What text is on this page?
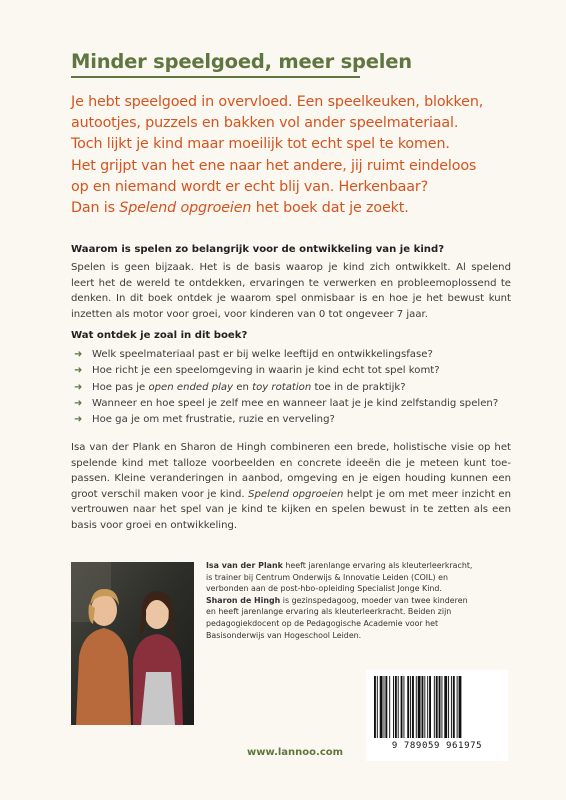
Minder speelgoed, meer spelen
Je hebt speelgoed in overvloed. Een speelkeuken, blokken,
autootjes, puzzels en bakken vol ander speelmateriaal.
Toch lijkt je kind maar moeilijk tot echt spel te komen.
Het grijpt van het ene naar het andere, jij ruimt eindeloos
op en niemand wordt er echt blij van. Herkenbaar?
Dan is Spelend opgroeien het boek dat je zoekt.
Waarom is spelen zo belangrijk voor de ontwikkeling van je kind?
Spelen is geen bijzaak. Het is de basis waarop je kind zich ontwikkelt. Al spelend
leert het de wereld te ontdekken, ervaringen te verwerken en probleemoplossend te
denken. In dit boek ontdek je waarom spel onmisbaar is en hoe je het bewust kunt
inzetten als motor voor groei, voor kinderen van 0 tot ongeveer 7 jaar.
Wat ontdek je zoal in dit boek?
➜ Welk speelmateriaal past er bij welke leeftijd en ontwikkelingsfase?
➜ Hoe richt je een speelomgeving in waarin je kind echt tot spel komt?
➜ Hoe pas je open ended play en toy rotation toe in de praktijk?
➜ Wanneer en hoe speel je zelf mee en wanneer laat je je kind zelfstandig spelen?
➜ Hoe ga je om met frustratie, ruzie en verveling?
Isa van der Plank en Sharon de Hingh combineren een brede, holistische visie op het
spelende kind met talloze voorbeelden en concrete ideeën die je meteen kunt toe-
passen. Kleine veranderingen in aanbod, omgeving en je eigen houding kunnen een
groot verschil maken voor je kind. Spelend opgroeien helpt je om met meer inzicht en
vertrouwen naar het spel van je kind te kijken en spelen bewust in te zetten als een
basis voor groei en ontwikkeling.
Isa van der Plank heeft jarenlange ervaring als kleuterleerkracht,
is trainer bij Centrum Onderwijs & Innovatie Leiden (COIL) en
verbonden aan de post-hbo-opleiding Specialist Jonge Kind.
Sharon de Hingh is gezinspedagoog, moeder van twee kinderen
en heeft jarenlange ervaring als kleuterleerkracht. Beiden zijn
pedagogiekdocent op de Pedagogische Academie voor het
Basisonderwijs van Hogeschool Leiden.
9 789059 961975
www.lannoo.com
